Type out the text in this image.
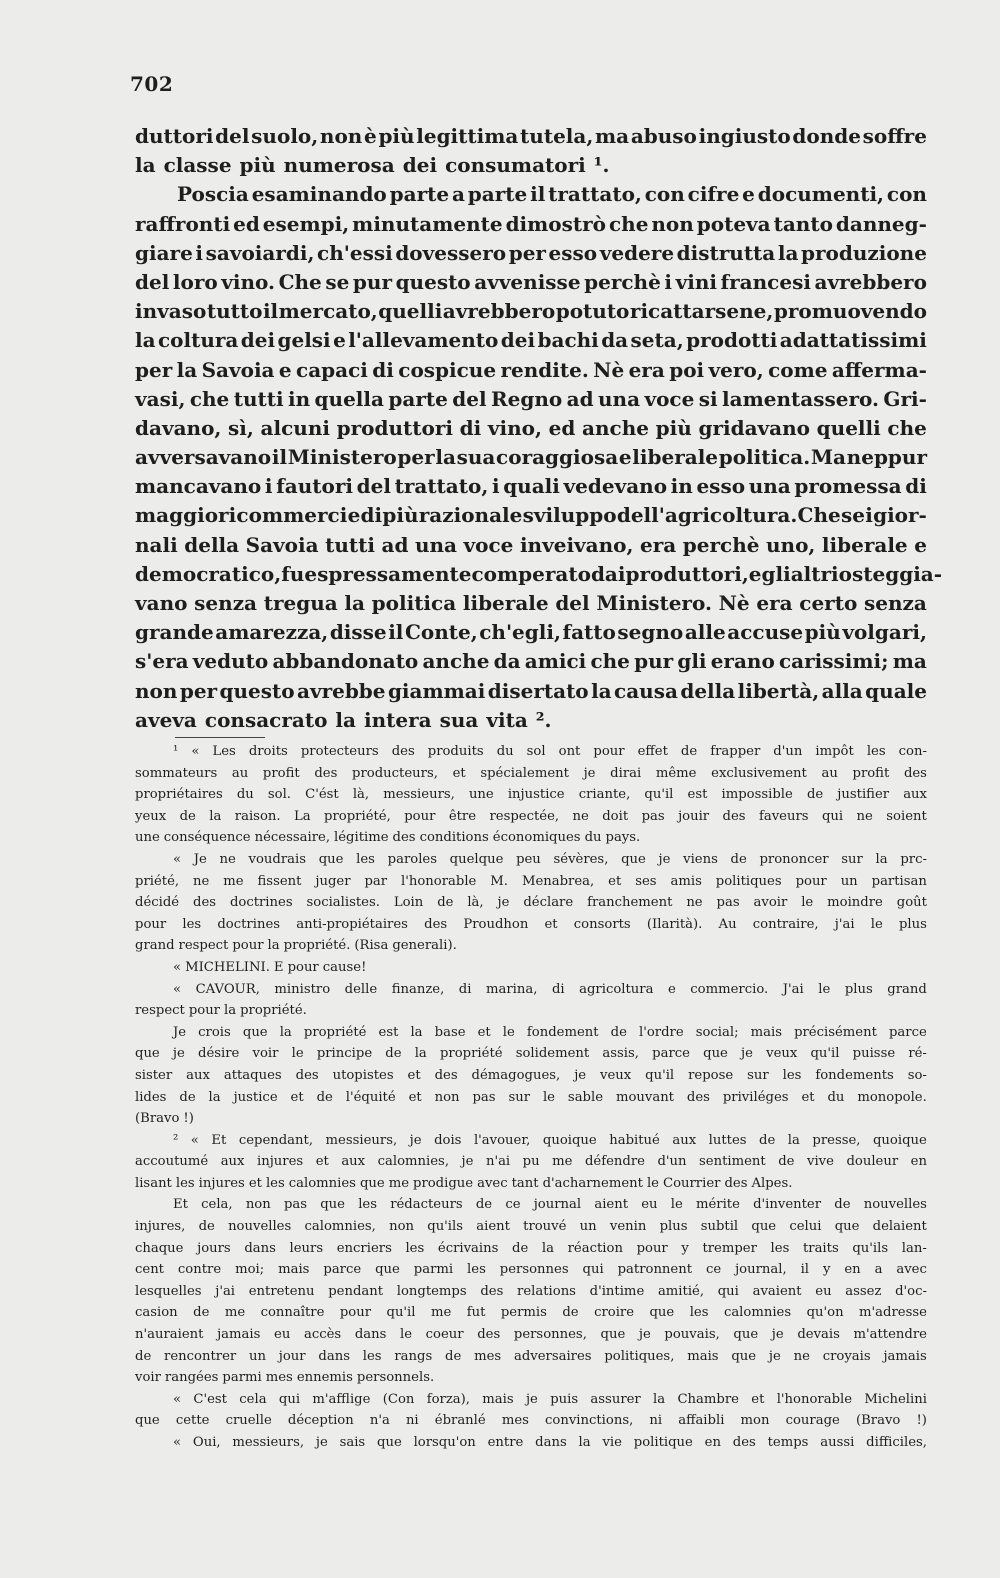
702
duttori del suolo, non è più legittima tutela, ma abuso ingiusto donde soffre
la classe più numerosa dei consumatori ¹.
Poscia esaminando parte a parte il trattato, con cifre e documenti, con
raffronti ed esempi, minutamente dimostrò che non poteva tanto danneg-
giare i savoiardi, ch'essi dovessero per esso vedere distrutta la produzione
del loro vino. Che se pur questo avvenisse perchè i vini francesi avrebbero
invaso tutto il mercato, quelli avrebbero potuto ricattarsene, promuovendo
la coltura dei gelsi e l'allevamento dei bachi da seta, prodotti adattatissimi
per la Savoia e capaci di cospicue rendite. Nè era poi vero, come afferma-
vasi, che tutti in quella parte del Regno ad una voce si lamentassero. Gri-
davano, sì, alcuni produttori di vino, ed anche più gridavano quelli che
avversavano il Ministero per la sua coraggiosa e liberale politica. Ma neppur
mancavano i fautori del trattato, i quali vedevano in esso una promessa di
maggiori commerci e di più razionale sviluppo dell'agricoltura. Che se i gior-
nali della Savoia tutti ad una voce inveivano, era perchè uno, liberale e
democratico, fu espressamente comperato dai produttori, e gli altri osteggia-
vano senza tregua la politica liberale del Ministero. Nè era certo senza
grande amarezza, disse il Conte, ch'egli, fatto segno alle accuse più volgari,
s'era veduto abbandonato anche da amici che pur gli erano carissimi; ma
non per questo avrebbe giammai disertato la causa della libertà, alla quale
aveva consacrato la intera sua vita ².
¹ « Les droits protecteurs des produits du sol ont pour effet de frapper d'un impôt les con-
sommateurs au profit des producteurs, et spécialement je dirai même exclusivement au profit des
propriétaires du sol. C'ést là, messieurs, une injustice criante, qu'il est impossible de justifier aux
yeux de la raison. La propriété, pour être respectée, ne doit pas jouir des faveurs qui ne soient
une conséquence nécessaire, légitime des conditions économiques du pays.
« Je ne voudrais que les paroles quelque peu sévères, que je viens de prononcer sur la prc-
priété, ne me fissent juger par l'honorable M. Menabrea, et ses amis politiques pour un partisan
décidé des doctrines socialistes. Loin de là, je déclare franchement ne pas avoir le moindre goût
pour les doctrines anti-propiétaires des Proudhon et consorts (Ilarità). Au contraire, j'ai le plus
grand respect pour la propriété. (Risa generali).
« MICHELINI. E pour cause!
« CAVOUR, ministro delle finanze, di marina, di agricoltura e commercio. J'ai le plus grand
respect pour la propriété.
Je crois que la propriété est la base et le fondement de l'ordre social; mais précisément parce
que je désire voir le principe de la propriété solidement assis, parce que je veux qu'il puisse ré-
sister aux attaques des utopistes et des démagogues, je veux qu'il repose sur les fondements so-
lides de la justice et de l'équité et non pas sur le sable mouvant des priviléges et du monopole.
(Bravo !)
² « Et cependant, messieurs, je dois l'avouer, quoique habitué aux luttes de la presse, quoique
accoutumé aux injures et aux calomnies, je n'ai pu me défendre d'un sentiment de vive douleur en
lisant les injures et les calomnies que me prodigue avec tant d'acharnement le Courrier des Alpes.
Et cela, non pas que les rédacteurs de ce journal aient eu le mérite d'inventer de nouvelles
injures, de nouvelles calomnies, non qu'ils aient trouvé un venin plus subtil que celui que delaient
chaque jours dans leurs encriers les écrivains de la réaction pour y tremper les traits qu'ils lan-
cent contre moi; mais parce que parmi les personnes qui patronnent ce journal, il y en a avec
lesquelles j'ai entretenu pendant longtemps des relations d'intime amitié, qui avaient eu assez d'oc-
casion de me connaître pour qu'il me fut permis de croire que les calomnies qu'on m'adresse
n'auraient jamais eu accès dans le coeur des personnes, que je pouvais, que je devais m'attendre
de rencontrer un jour dans les rangs de mes adversaires politiques, mais que je ne croyais jamais
voir rangées parmi mes ennemis personnels.
« C'est cela qui m'afflige (Con forza), mais je puis assurer la Chambre et l'honorable Michelini
que cette cruelle déception n'a ni ébranlé mes convinctions, ni affaibli mon courage (Bravo !)
« Oui, messieurs, je sais que lorsqu'on entre dans la vie politique en des temps aussi difficiles,
